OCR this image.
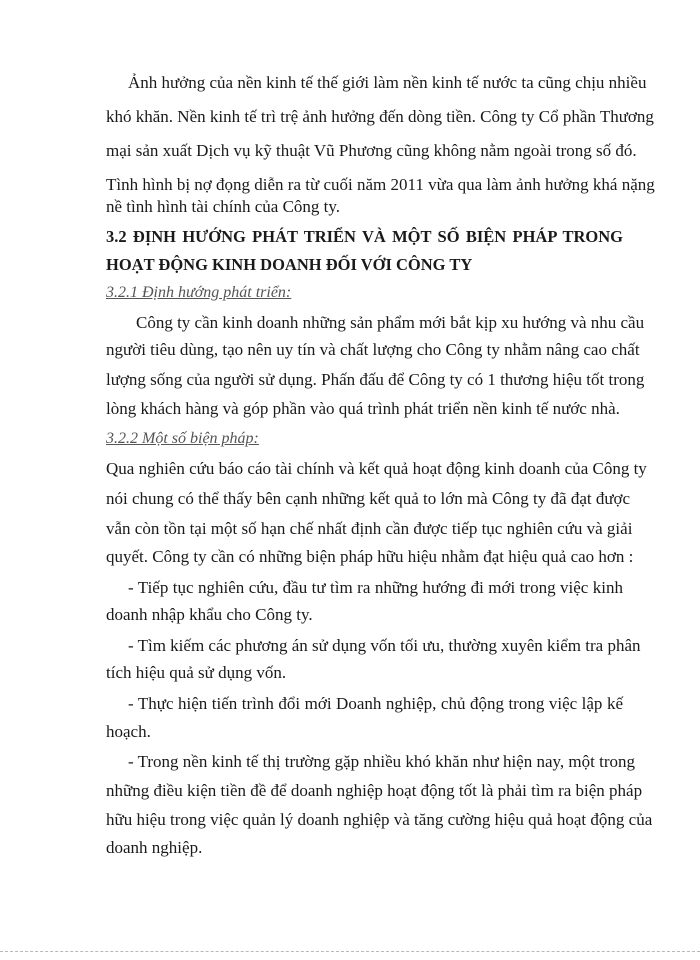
Ảnh hưởng của nền kinh tế thế giới làm nền kinh tế nước ta cũng chịu nhiều
khó khăn. Nền kinh tế trì trệ ảnh hưởng đến dòng tiền. Công ty Cổ phần Thương
mại sản xuất Dịch vụ kỹ thuật Vũ Phương cũng không nằm ngoài trong số đó.
Tình hình bị nợ đọng diễn ra từ cuối năm 2011 vừa qua làm ảnh hưởng khá nặng
nề tình hình tài chính của Công ty.
3.2 ĐỊNH HƯỚNG PHÁT TRIỂN VÀ MỘT SỐ BIỆN PHÁP TRONG
HOẠT ĐỘNG KINH DOANH ĐỐI VỚI CÔNG TY
3.2.1 Định hướng phát triển:
Công ty cần kinh doanh những sản phẩm mới bắt kịp xu hướng và nhu cầu
người tiêu dùng, tạo nên uy tín và chất lượng cho Công ty nhằm nâng cao chất
lượng sống của người sử dụng. Phấn đấu để Công ty có 1 thương hiệu tốt trong
lòng khách hàng và góp phần vào quá trình phát triển nền kinh tế nước nhà.
3.2.2 Một số biện pháp:
Qua nghiên cứu báo cáo tài chính và kết quả hoạt động kinh doanh của Công ty
nói chung có thể thấy bên cạnh những kết quả to lớn mà Công ty đã đạt được
vẫn còn tồn tại một số hạn chế nhất định cần được tiếp tục nghiên cứu và giải
quyết. Công ty cần có những biện pháp hữu hiệu nhằm đạt hiệu quả cao hơn :
- Tiếp tục nghiên cứu, đầu tư tìm ra những hướng đi mới trong việc kinh
doanh nhập khẩu cho Công ty.
- Tìm kiếm các phương án sử dụng vốn tối ưu, thường xuyên kiểm tra phân
tích hiệu quả sử dụng vốn.
- Thực hiện tiến trình đổi mới Doanh nghiệp, chủ động trong việc lập kế
hoạch.
- Trong nền kinh tế thị trường gặp nhiều khó khăn như hiện nay, một trong
những điều kiện tiền đề để doanh nghiệp hoạt động tốt là phải tìm ra biện pháp
hữu hiệu trong việc quản lý doanh nghiệp và tăng cường hiệu quả hoạt động của
doanh nghiệp.
